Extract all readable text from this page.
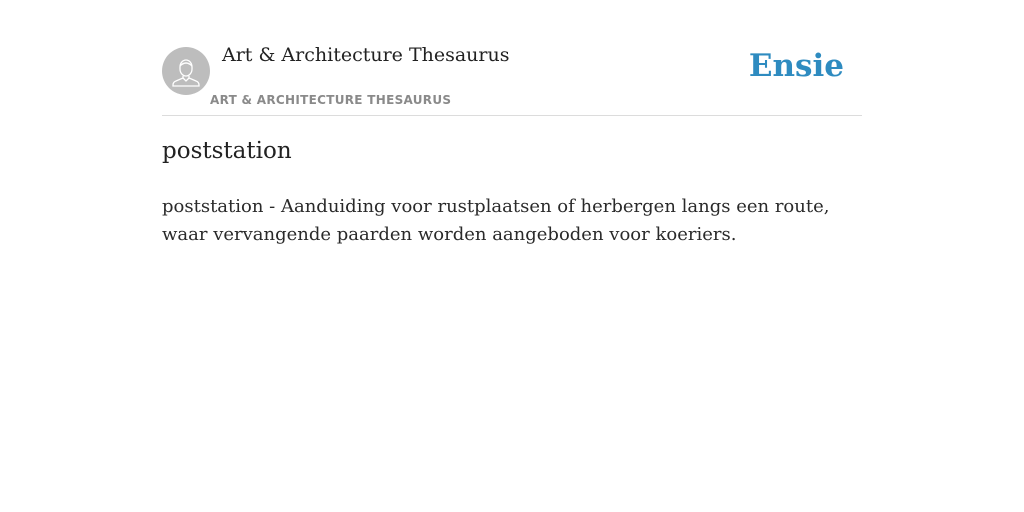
Art & Architecture Thesaurus
ART & ARCHITECTURE THESAURUS
Ensie
poststation

poststation - Aanduiding voor rustplaatsen of herbergen langs een route, waar vervangende paarden worden aangeboden voor koeriers.
